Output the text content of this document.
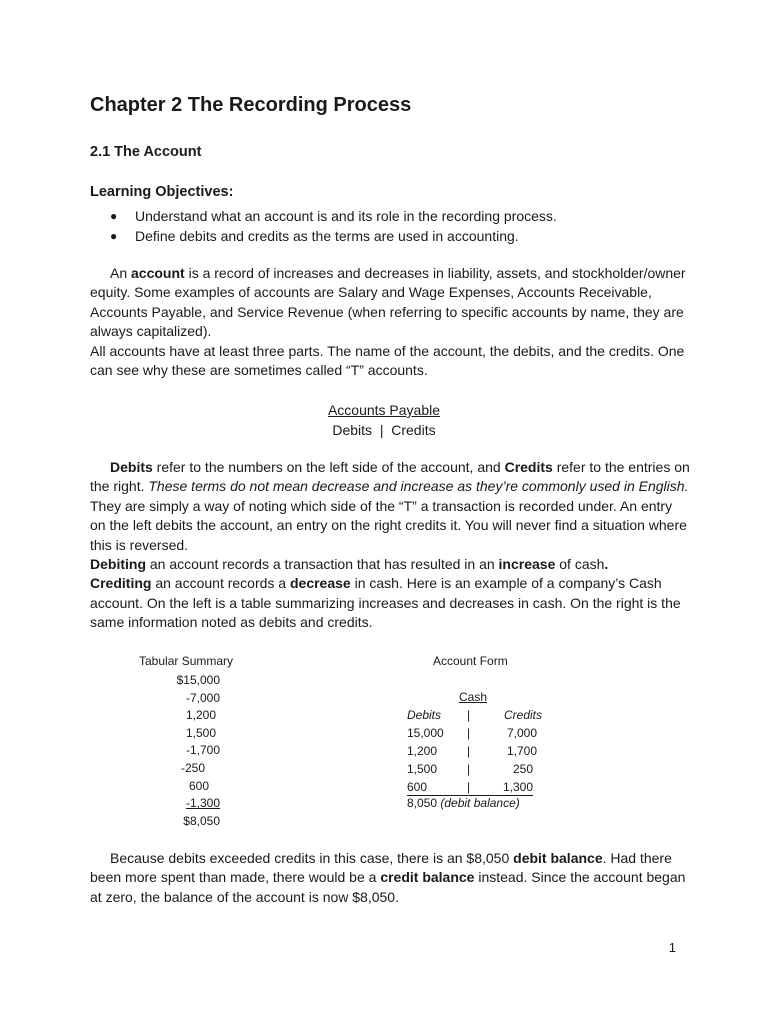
Chapter 2 The Recording Process
2.1 The Account
Learning Objectives:
● Understand what an account is and its role in the recording process.
● Define debits and credits as the terms are used in accounting.

An account is a record of increases and decreases in liability, assets, and stockholder/owner equity. Some examples of accounts are Salary and Wage Expenses, Accounts Receivable, Accounts Payable, and Service Revenue (when referring to specific accounts by name, they are always capitalized).

All accounts have at least three parts. The name of the account, the debits, and the credits. One can see why these are sometimes called “T” accounts.

Accounts Payable
Debits  |  Credits

Debits refer to the numbers on the left side of the account, and Credits refer to the entries on the right. These terms do not mean decrease and increase as they’re commonly used in English. They are simply a way of noting which side of the “T” a transaction is recorded under. An entry on the left debits the account, an entry on the right credits it. You will never find a situation where this is reversed.

Debiting an account records a transaction that has resulted in an increase of cash.
Crediting an account records a decrease in cash. Here is an example of a company’s Cash account. On the left is a table summarizing increases and decreases in cash. On the right is the same information noted as debits and credits.

Tabular Summary
$15,000
-7,000
1,200
1,500
-1,700
-250
600
-1,300
$8,050
Account Form
Cash
Debits |	Credits
15,000 |	7,000
1,200 |	1,700
1,500 |	250
600	|	1,300
8,050 (debit balance)

Because debits exceeded credits in this case, there is an $8,050 debit balance. Had there been more spent than made, there would be a credit balance instead. Since the account began at zero, the balance of the account is now $8,050.

1
